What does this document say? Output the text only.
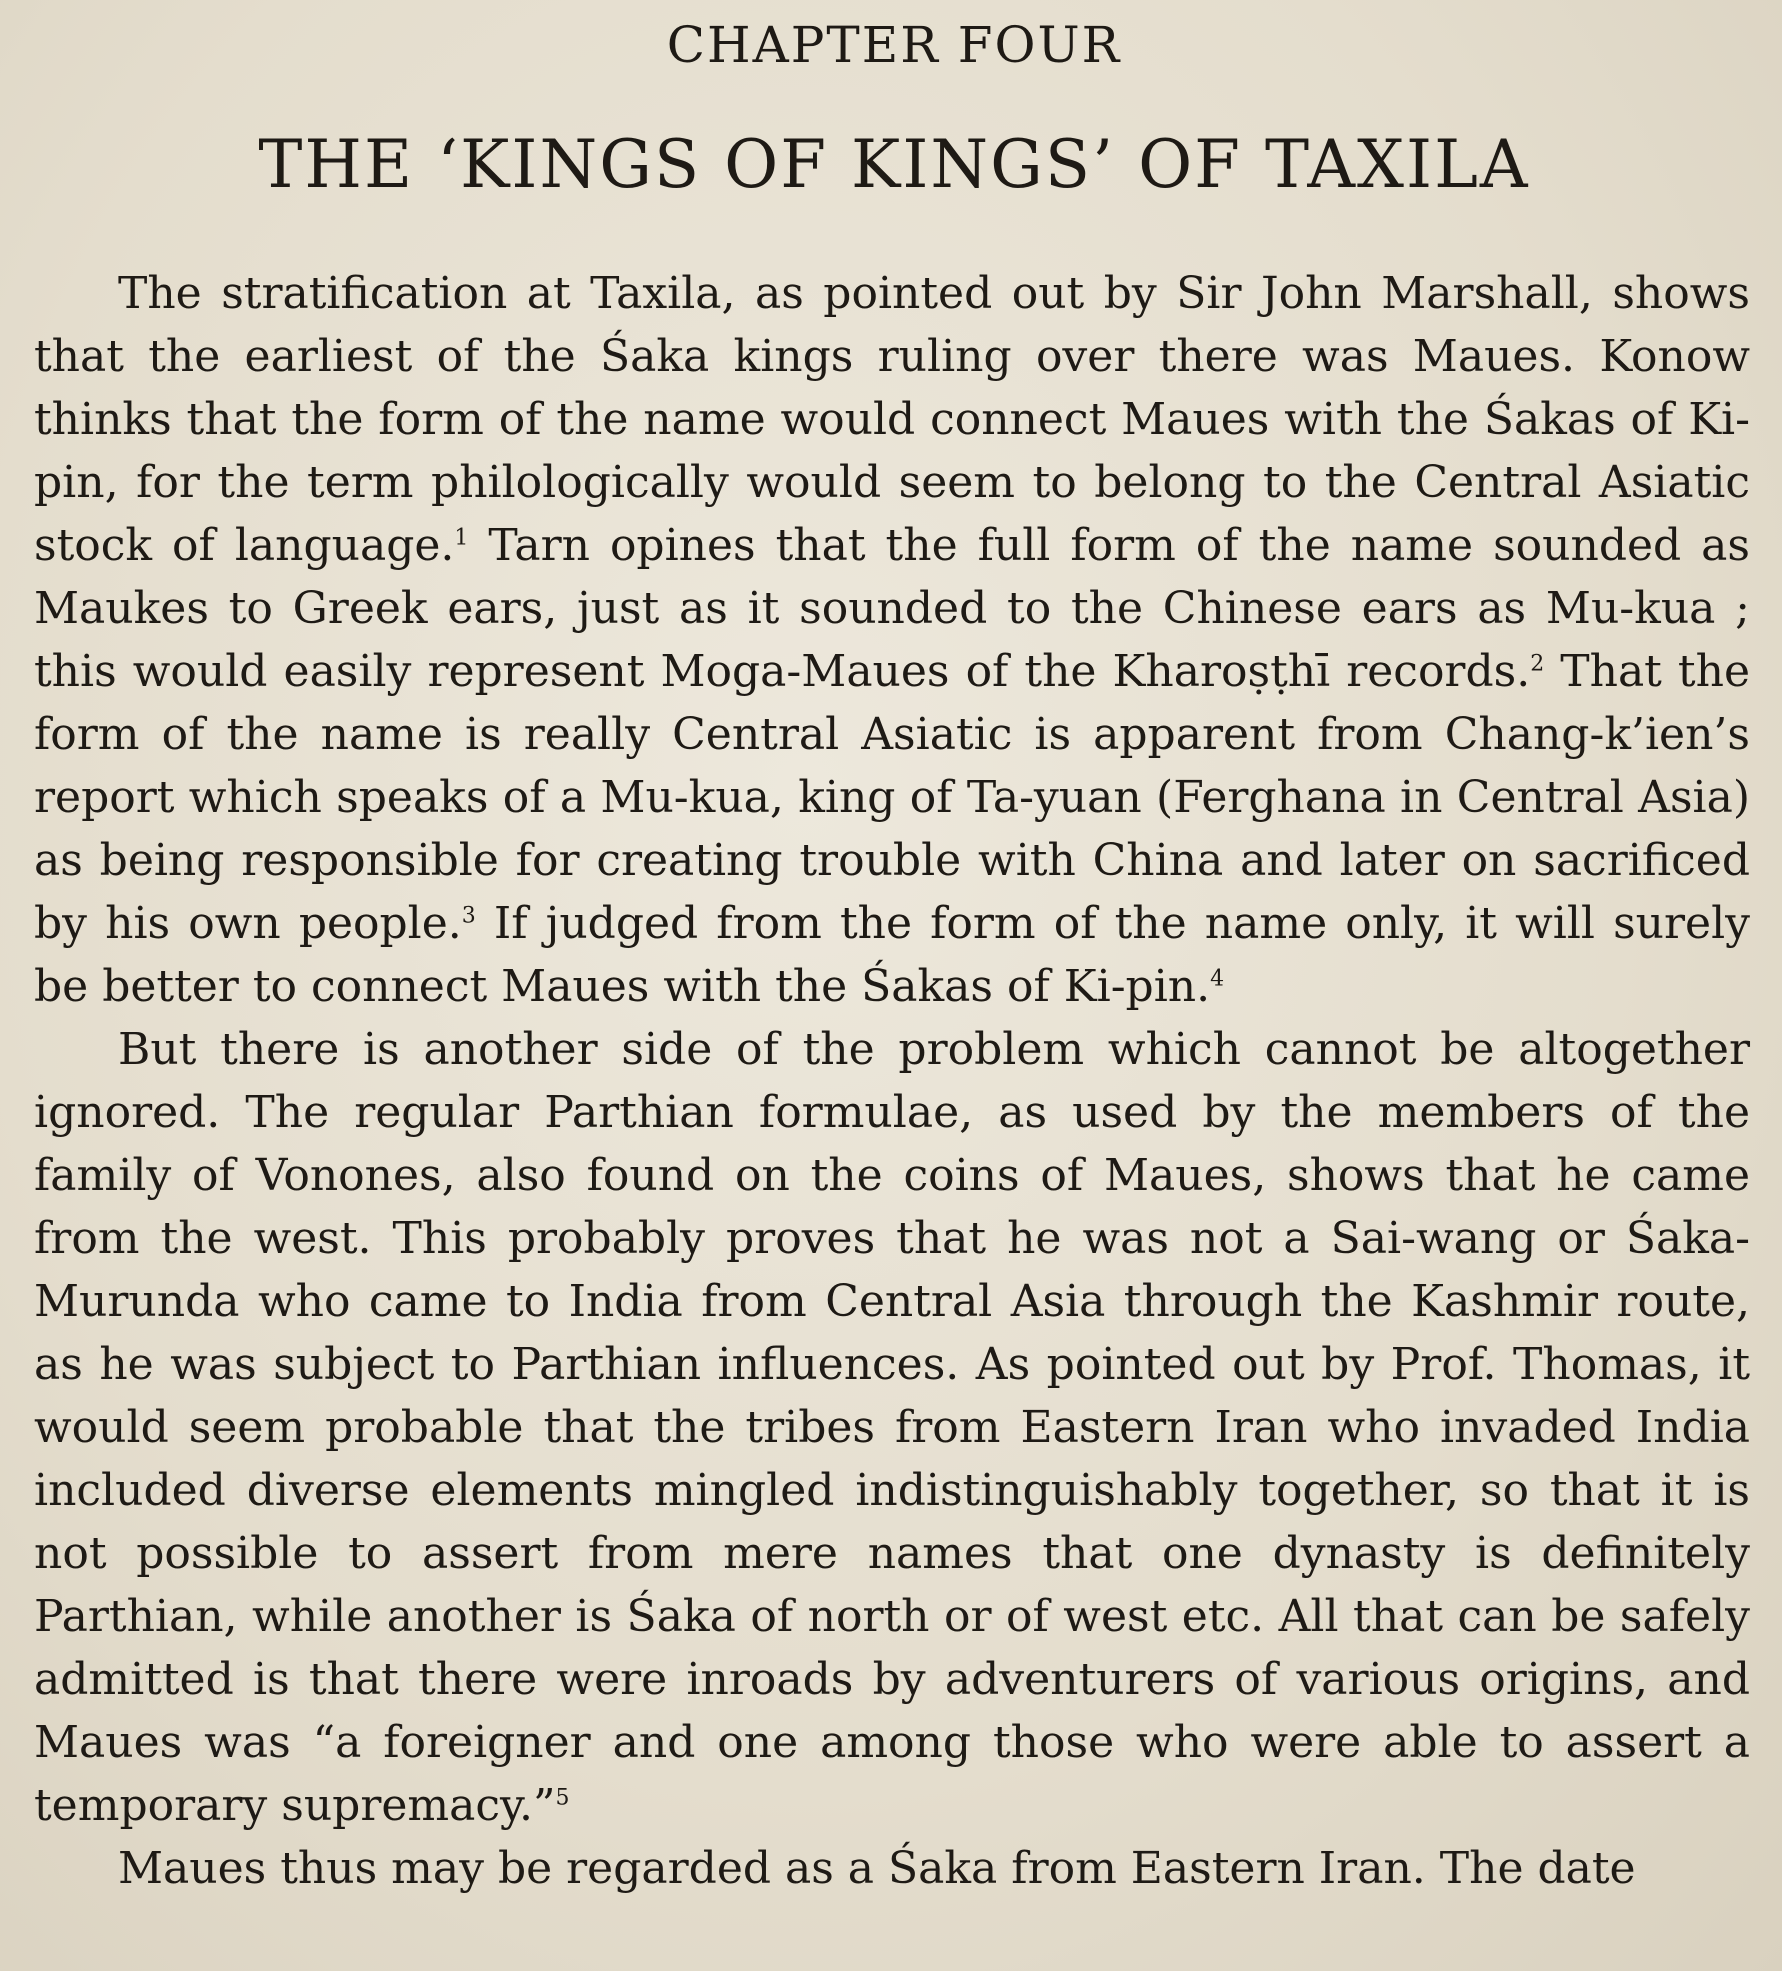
CHAPTER FOUR
THE ‘KINGS OF KINGS’ OF TAXILA

The stratification at Taxila, as pointed out by Sir John Marshall, shows that the earliest of the Śaka kings ruling over there was Maues. Konow thinks that the form of the name would connect Maues with the Śakas of Ki-pin, for the term philologically would seem to belong to the Central Asiatic stock of language.$^1$ Tarn opines that the full form of the name sounded as Maukes to Greek ears, just as it sounded to the Chinese ears as Mu-kua ; this would easily represent Moga-Maues of the Kharoṣṭhī records.$^2$ That the form of the name is really Central Asiatic is apparent from Chang-k’ien’s report which speaks of a Mu-kua, king of Ta-yuan (Ferghana in Central Asia) as being responsible for creating trouble with China and later on sacrificed by his own people.$^3$ If judged from the form of the name only, it will surely be better to connect Maues with the Śakas of Ki-pin.$^4$

But there is another side of the problem which cannot be altogether ignored. The regular Parthian formulae, as used by the members of the family of Vonones, also found on the coins of Maues, shows that he came from the west. This probably proves that he was not a Sai-wang or Śaka-Murunda who came to India from Central Asia through the Kashmir route, as he was subject to Parthian influences. As pointed out by Prof. Thomas, it would seem probable that the tribes from Eastern Iran who invaded India included diverse elements mingled indistinguishably together, so that it is not possible to assert from mere names that one dynasty is definitely Parthian, while another is Śaka of north or of west etc. All that can be safely admitted is that there were inroads by adventurers of various origins, and Maues was “a foreigner and one among those who were able to assert a temporary supremacy.”$^5$

Maues thus may be regarded as a Śaka from Eastern Iran. The date
